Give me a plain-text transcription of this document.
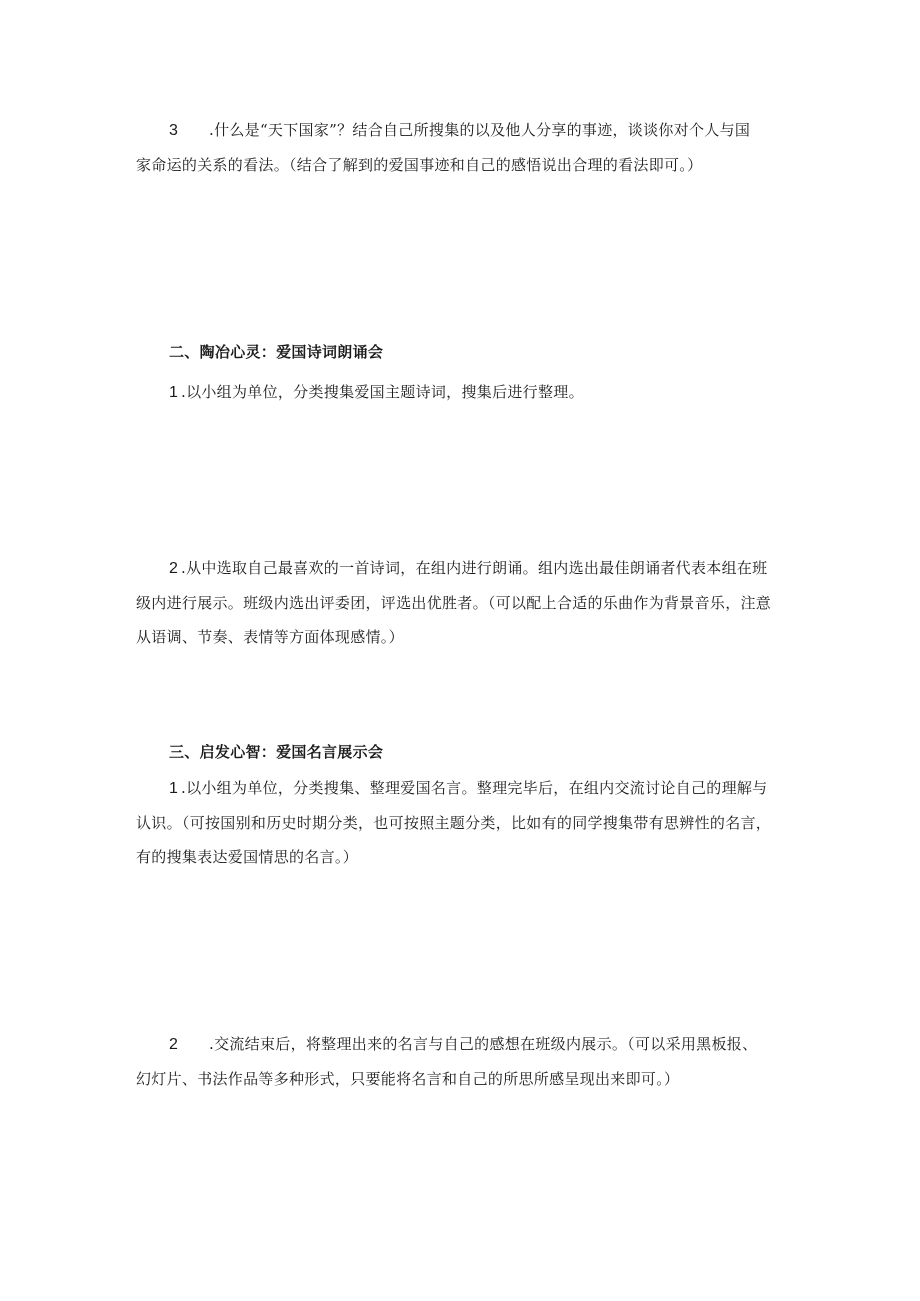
3 .什么是“天下国家”？结合自己所搜集的以及他人分享的事迹，谈谈你对个人与国
家命运的关系的看法。（结合了解到的爱国事迹和自己的感悟说出合理的看法即可。）
二、陶冶心灵：爱国诗词朗诵会
1 .以小组为单位，分类搜集爱国主题诗词，搜集后进行整理。
2 .从中选取自己最喜欢的一首诗词，在组内进行朗诵。组内选出最佳朗诵者代表本组在班
级内进行展示。班级内选出评委团，评选出优胜者。（可以配上合适的乐曲作为背景音乐，注意
从语调、节奏、表情等方面体现感情。）
三、启发心智：爱国名言展示会
1 .以小组为单位，分类搜集、整理爱国名言。整理完毕后，在组内交流讨论自己的理解与
认识。（可按国别和历史时期分类，也可按照主题分类，比如有的同学搜集带有思辨性的名言，
有的搜集表达爱国情思的名言。）
2 .交流结束后，将整理出来的名言与自己的感想在班级内展示。（可以采用黑板报、
幻灯片、书法作品等多种形式，只要能将名言和自己的所思所感呈现出来即可。）
